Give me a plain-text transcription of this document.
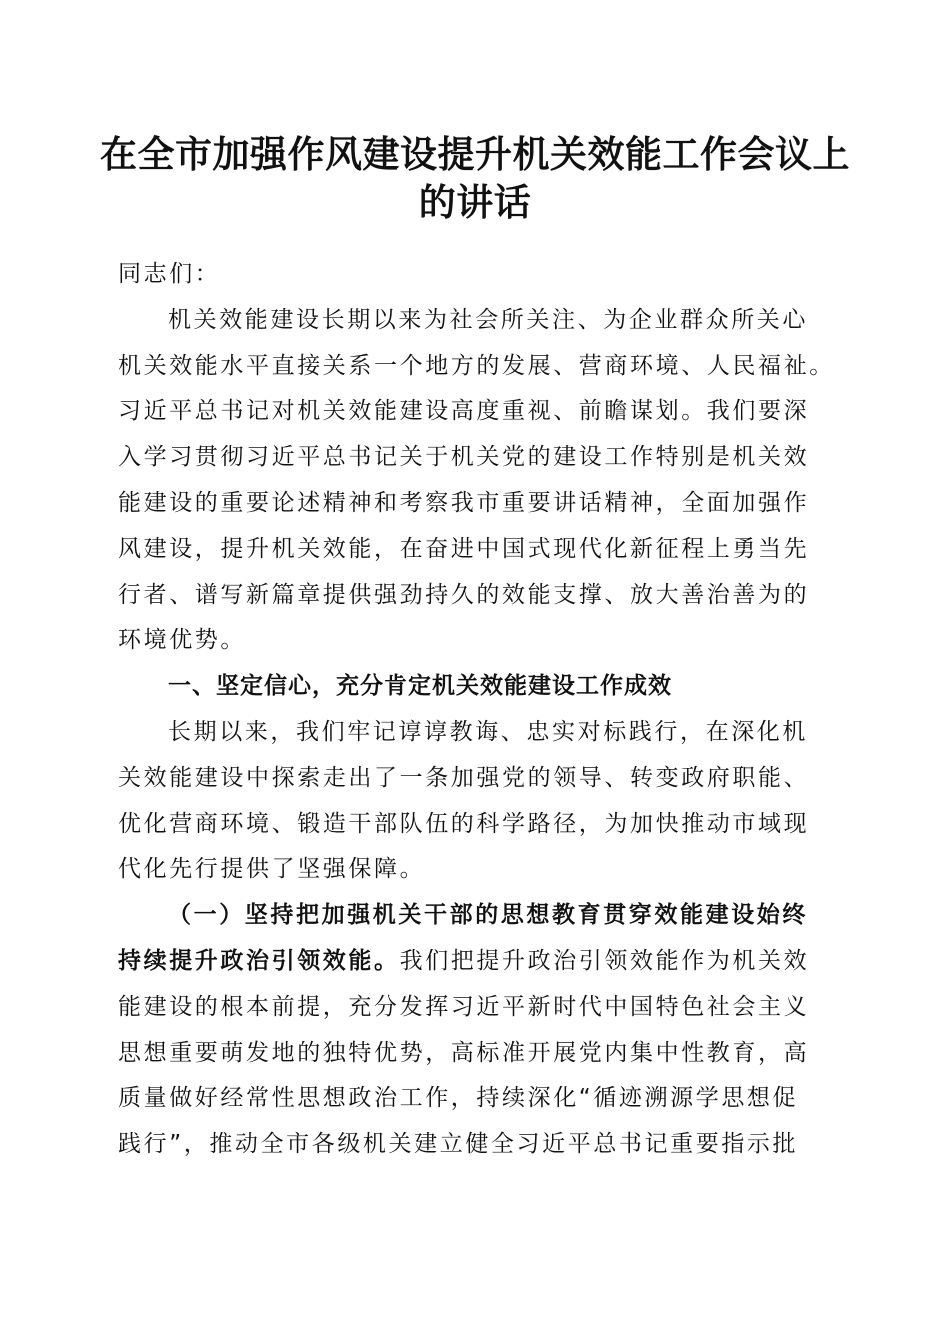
在全市加强作风建设提升机关效能工作会议上
的讲话
同志们：
机关效能建设长期以来为社会所关注、为企业群众所关心
机关效能水平直接关系一个地方的发展、营商环境、人民福祉。
习近平总书记对机关效能建设高度重视、前瞻谋划。我们要深
入学习贯彻习近平总书记关于机关党的建设工作特别是机关效
能建设的重要论述精神和考察我市重要讲话精神，全面加强作
风建设，提升机关效能，在奋进中国式现代化新征程上勇当先
行者、谱写新篇章提供强劲持久的效能支撑、放大善治善为的
环境优势。
一、坚定信心，充分肯定机关效能建设工作成效
长期以来，我们牢记谆谆教诲、忠实对标践行，在深化机
关效能建设中探索走出了一条加强党的领导、转变政府职能、
优化营商环境、锻造干部队伍的科学路径，为加快推动市域现
代化先行提供了坚强保障。
（一）坚持把加强机关干部的思想教育贯穿效能建设始终
持续提升政治引领效能。我们把提升政治引领效能作为机关效
能建设的根本前提，充分发挥习近平新时代中国特色社会主义
思想重要萌发地的独特优势，高标准开展党内集中性教育，高
质量做好经常性思想政治工作，持续深化“循迹溯源学思想促
践行”，推动全市各级机关建立健全习近平总书记重要指示批
